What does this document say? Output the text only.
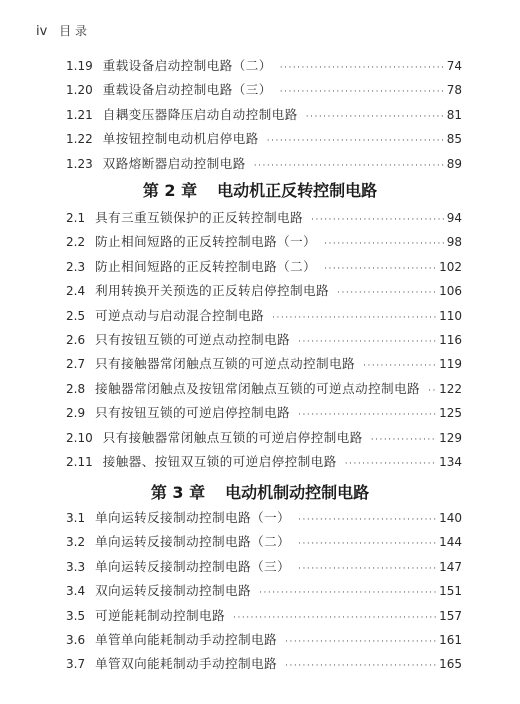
iv 目 录
1.19 重载设备启动控制电路（二） ·····	74
1.20 重载设备启动控制电路（三） ·····	78
1.21 自耦变压器降压启动自动控制电路 ·····	81
1.22 单按钮控制电动机启停电路 ·····	85
1.23 双路熔断器启动控制电路 ·····	89
第 2 章 电动机正反转控制电路
2.1 具有三重互锁保护的正反转控制电路 ·····	94
2.2 防止相间短路的正反转控制电路（一） ·····	98
2.3 防止相间短路的正反转控制电路（二） ·····	102
2.4 利用转换开关预选的正反转启停控制电路 ·····	106
2.5 可逆点动与启动混合控制电路 ·····	110
2.6 只有按钮互锁的可逆点动控制电路 ·····	116
2.7 只有接触器常闭触点互锁的可逆点动控制电路 ·····	119
2.8 接触器常闭触点及按钮常闭触点互锁的可逆点动控制电路 ····· 122
2.9 只有按钮互锁的可逆启停控制电路 ·····	125
2.10 只有接触器常闭触点互锁的可逆启停控制电路 ·····	129
2.11 接触器、按钮双互锁的可逆启停控制电路 ·····	134
第 3 章 电动机制动控制电路
3.1 单向运转反接制动控制电路（一） ·····	140
3.2 单向运转反接制动控制电路（二） ·····	144
3.3 单向运转反接制动控制电路（三） ·····	147
3.4 双向运转反接制动控制电路 ·····	151
3.5 可逆能耗制动控制电路 ·····	157
3.6 单管单向能耗制动手动控制电路 ·····	161
3.7 单管双向能耗制动手动控制电路 ·····	165
